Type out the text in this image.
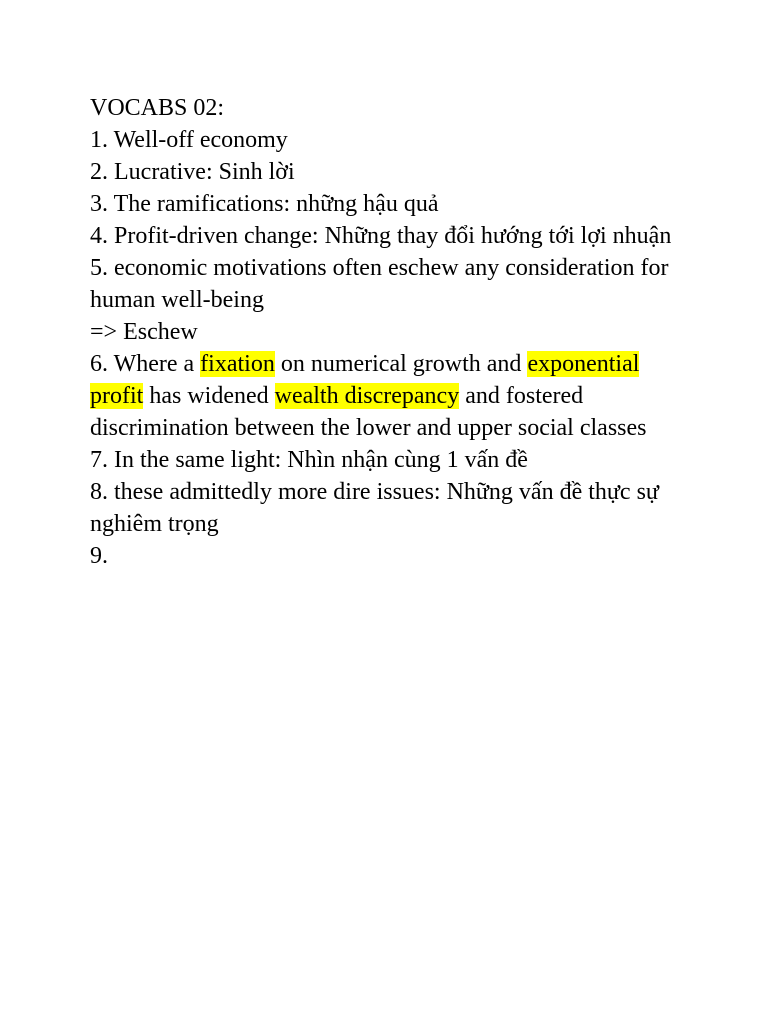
VOCABS 02:
1. Well-off economy
2. Lucrative: Sinh lời
3. The ramifications: những hậu quả
4. Profit-driven change: Những thay đổi hướng tới lợi nhuận
5. economic motivations often eschew any consideration for human well-being
=> Eschew
6. Where a fixation on numerical growth and exponential profit has widened wealth discrepancy and fostered discrimination between the lower and upper social classes
7. In the same light: Nhìn nhận cùng 1 vấn đề
8. these admittedly more dire issues: Những vấn đề thực sự nghiêm trọng
9.
